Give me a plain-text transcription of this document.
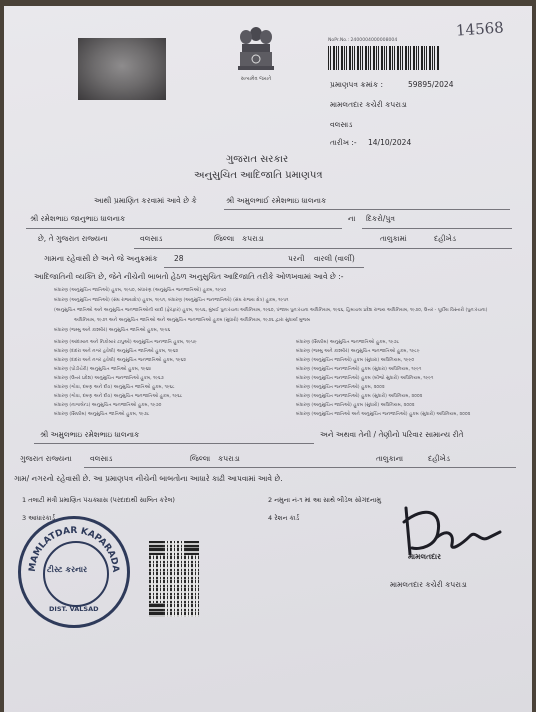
14568
સત્યમેવ જયતે
NoPr.No.: 2400004000008004
પ્રમાણપત્ર ક્રમાંક :	59895/2024
મામલતદાર કચેરી કપરાડા
વલસાડ
તારીખ :- 14/10/2024
ગુજરાત સરકાર
અનુસુચિત આદિજાતિ પ્રમાણપત્ર
આથી પ્રમાણિત કરવામાં આવે છે કે	શ્રી અમુલભાઈ રમેશભાઇ ધાલનાક
શ્રી રમેશભાઇ જાનુભાઇ ધાલનાક	ના દિકરો/પુત્ર
છે, તે ગુજરાત રાજ્યના	વલસાડ	જિલ્લા કપરાડા	તાલુકામાં	દહીખેડ
ગામના રહેવાસી છે અને જે અનુક્રમાંક 28	પરની વારલી (વાર્લી)
આદિજાતિની વ્યક્તિ છે, જેને નીચેની બાબતો હેઠળ અનુસુચિત આદિજાતિ તરીકે ઓળખવામાં આવે છે :-
બંધારણ (અનુસુચિત જાતિઓ) હુકમ, ૧૯૫૦, બંધારણ (અનુસુચિત જનજાતિઓ) હુકમ, ૧૯૫૦
બંધારણ (અનુસુચિત જાતિઓ) (સંઘ રાજયક્ષેત્ર) હુકમ, ૧૯૫૧, બંધારણ (અનુસુચિત જનજાતિઓ) (સંઘ રાજય ક્ષેત્ર) હુકમ, ૧૯૫૧
(અનુસુચિત જાતિઓ અને અનુસુચિત જનજાતિઓની યાદી (ફેરફાર) હુકમ, ૧૯૫૬, મુંબઈ પુનઃરચના અધિનિયમ, ૧૯૬૦, પંજાબ પુનઃરચના અધિનિયમ, ૧૯૬૬, હિમાચલ પ્રદેશ રાજય અધિનિયમ, ૧૯૭૦, ઉત્તર - પૂર્વીય વિસ્તારો (પુનઃરચના)
અધિનિયમ, ૧૯૭૧ અને અનુસુચિત જાતિઓ અને અનુસુચિત જનજાતિઓ હુકમ (સુધારો) અધિનિયમ, ૧૯૭૬ દ્વારા સુધાર્યા મુજબ
બંધારણ (જમ્મુ અને કાશ્મીર) અનુસુચિત જાતિઓ હુકમ, ૧૯૫૬
બંધારણ (આંદામાન અને નિકોબાર ટાપુઓ) અનુસુચિત જનજાતિ હુકમ, ૧૯૫૯
બંધારણ (દાદરા અને નગર હવેલી) અનુસુચિત જાતિઓ હુકમ, ૧૯૬૨
બંધારણ (દાદરા અને નગર હવેલી) અનુસુચિત જનજાતિઓ હુકમ, ૧૯૬૨
બંધારણ (પોંડીચેરી) અનુસુચિત જાતિઓ હુકમ, ૧૯૬૪
બંધારણ (ઉત્તર પ્રદેશ) અનુસુચિત જનજાતિઓ હુકમ, ૧૯૬૭
બંધારણ (ગોવા, દમણ અને દીવ) અનુસુચિત જાતિઓ હુકમ, ૧૯૬૮
બંધારણ (ગોવા, દમણ અને દીવ) અનુસુચિત જનજાતિઓ હુકમ, ૧૯૬૮
બંધારણ (નાગાલેન્ડ) અનુસુચિત જનજાતિઓ હુકમ, ૧૯૭૦
બંધારણ (સિક્કીમ) અનુસુચિત જાતિઓ હુકમ, ૧૯૭૮
બંધારણ (સિક્કીમ) અનુસુચિત જનજાતિઓ હુકમ, ૧૯૭૮
બંધારણ (જમ્મુ અને કાશ્મીર) અનુસુચિત જનજાતિઓ હુકમ, ૧૯૮૯
બંધારણ (અનુસુચિત જાતિઓ) હુકમ (સુધારા) અધિનિયમ, ૧૯૯૦
બંધારણ (અનુસુચિત જનજાતિઓ) હુકમ (સુધારા) અધિનિયમ, ૧૯૯૧
બંધારણ (અનુસુચિત જનજાતિઓ) હુકમ (બીજો સુધારો) અધિનિયમ, ૧૯૯૧
બંધારણ (અનુસુચિત જનજાતિઓ) હુકમ, ૨૦૦૨
બંધારણ (અનુસુચિત જનજાતિઓ) હુકમ (સુધારો) અધિનિયમ, ૨૦૦૨
બંધારણ (અનુસુચિત જાતિઓ) હુકમ (સુધારો) અધિનિયમ, ૨૦૦૨
બંધારણ (અનુસુચિત જાતિઓ અને અનુસુચિત જનજાતિઓ) હુકમ (સુધારો) અધિનિયમ, ૨૦૦૨
શ્રી અમુલભાઇ રમેશભાઇ ધાલનાક	અને અથવા તેની / તેણીનો પરિવાર સામાન્ય રીતે
ગુજરાત રાજ્યના વલસાડ	જિલ્લા કપરાડા	તાલુકાના	દહીખેડ
ગામ/ નગરનો રહેવાસી છે. આ પ્રમાણપત્ર નીચેની બાબતોના આધારે કાઢી આપવામાં આવે છે.
1 તલાટી મંત્રી પ્રમાણિત પંચક્યાસ (પરદાદાથી સાબિત કરેલ)	2 નમુના નં-૧ માં આ સાથે બીડેલ સોગંદનામુ
3 આધારકાર્ડ	4 રેશન કાર્ડ
MAMLATDAR KAPARADA
ટીસ્ટ કરનાર
DIST. VALSAD
મામલતદાર
મામલતદાર કચેરી કપરાડા
